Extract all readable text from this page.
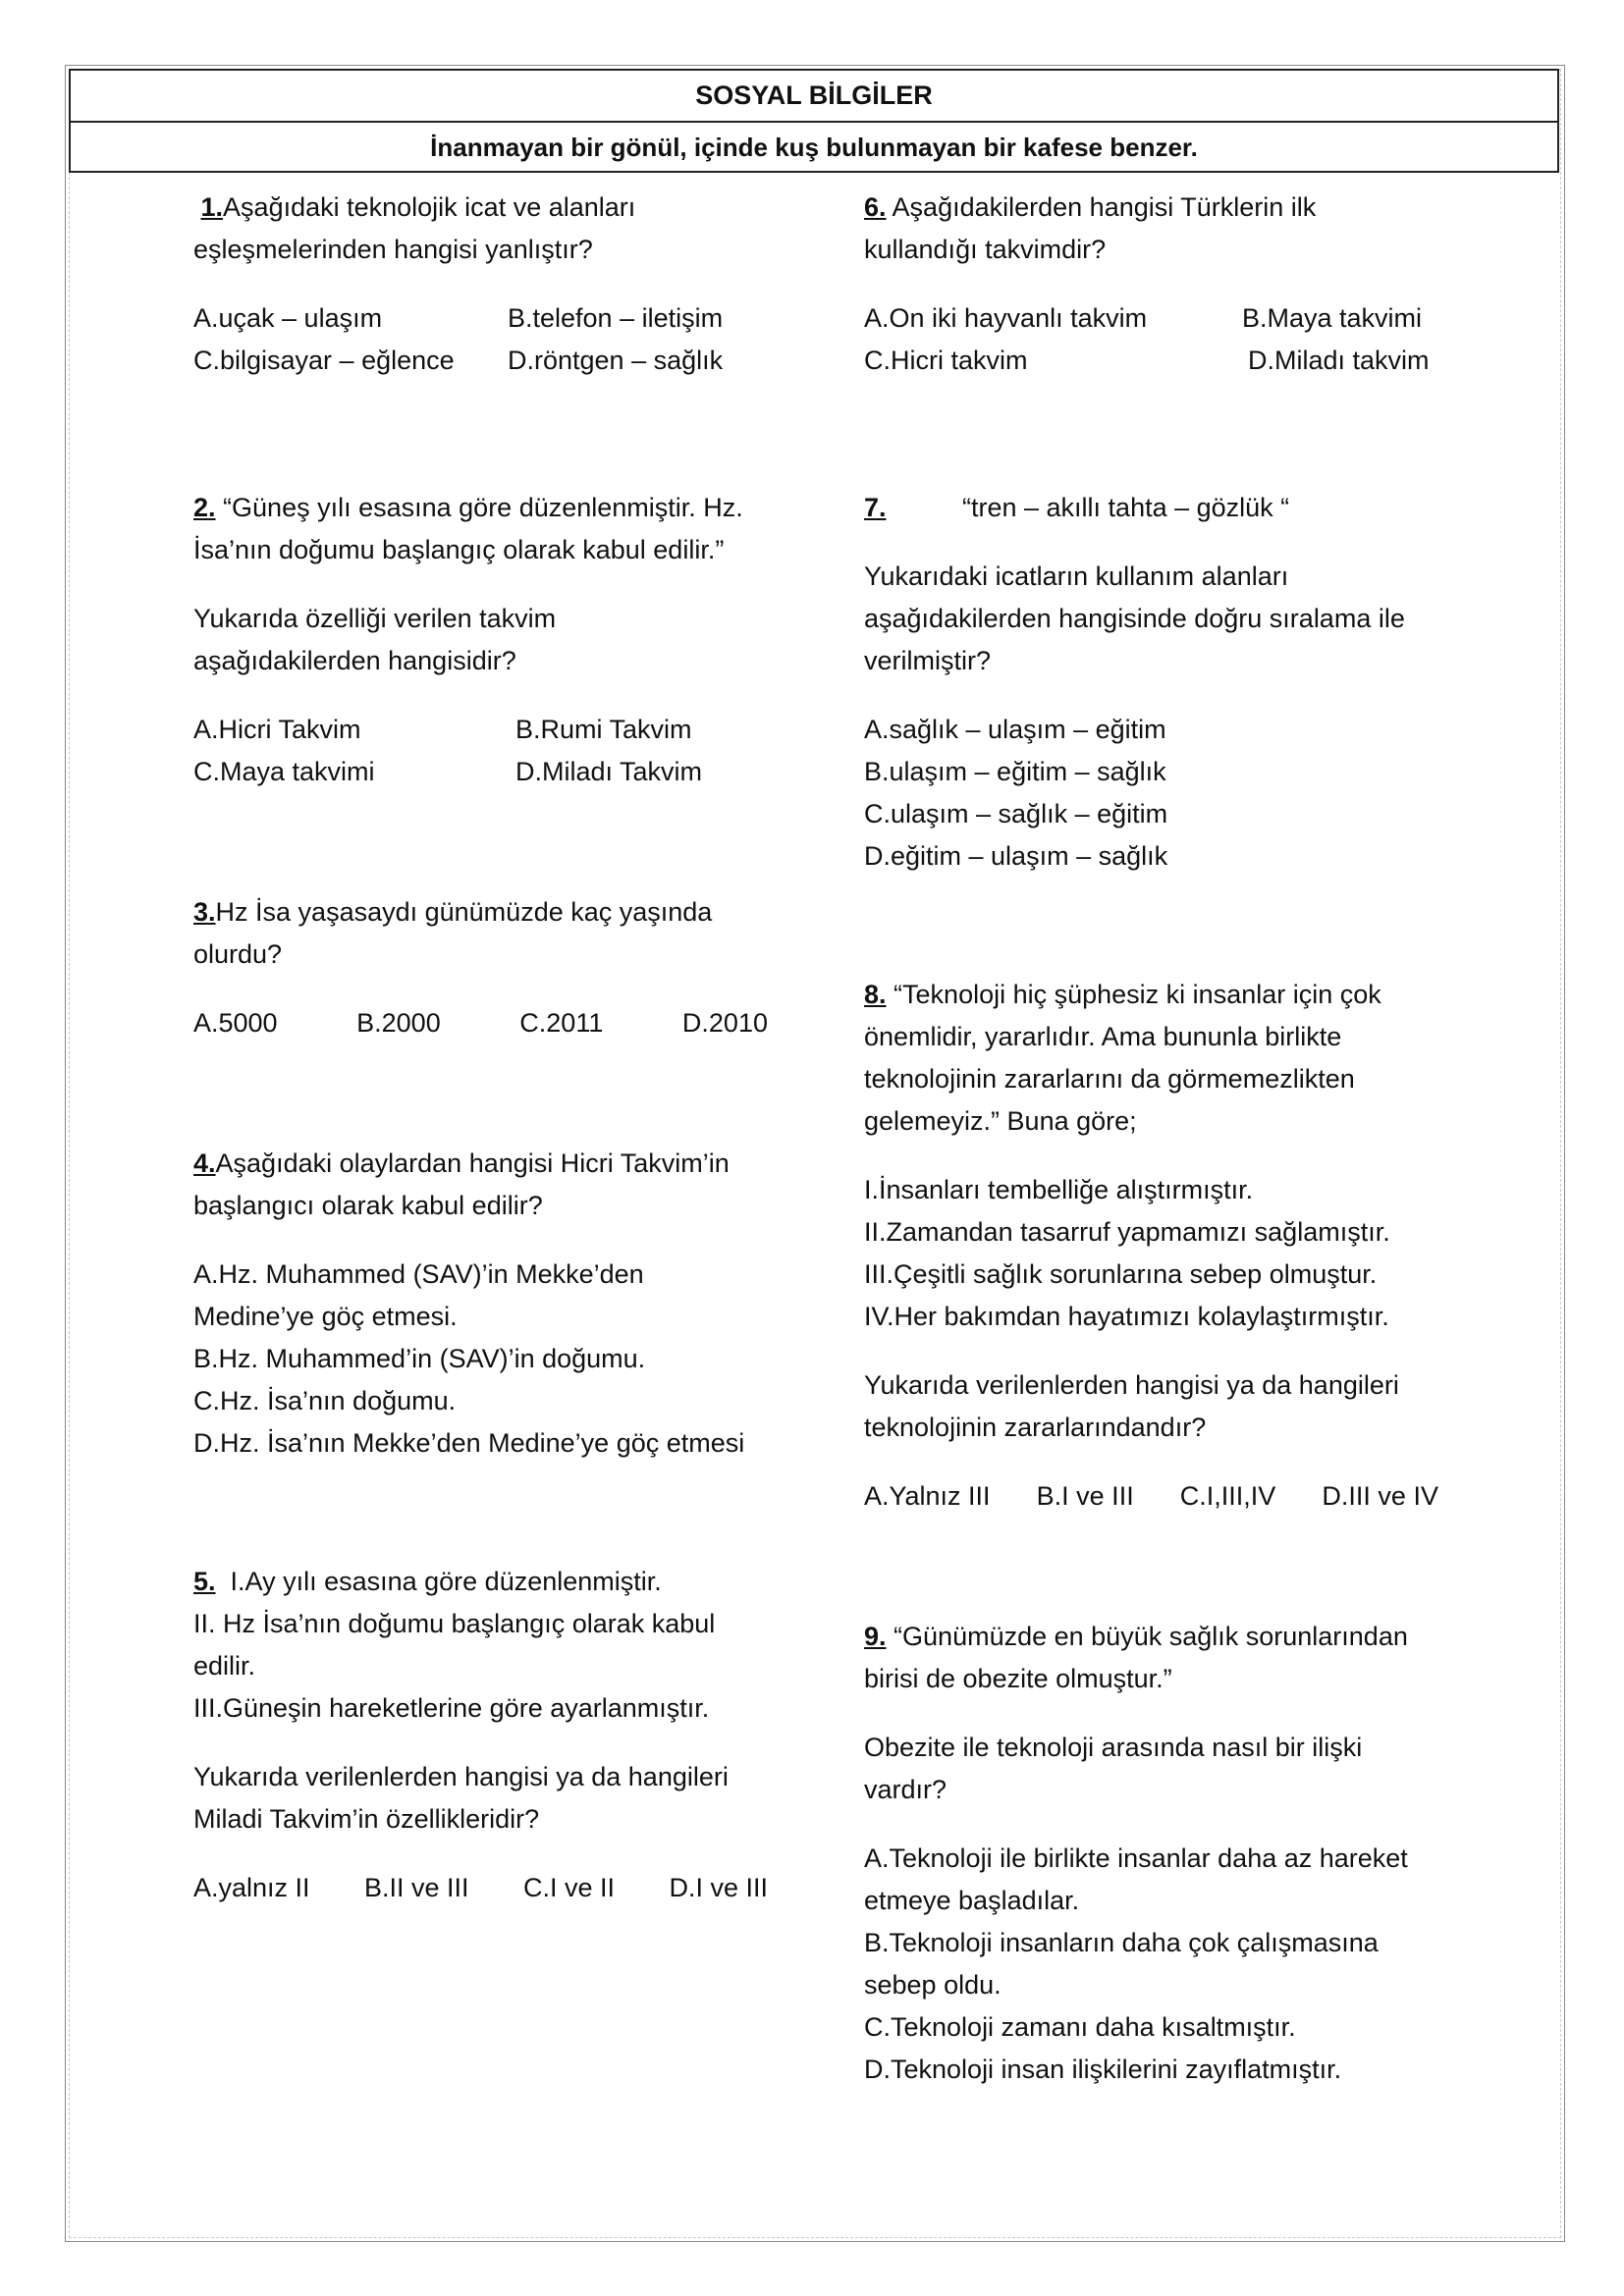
SOSYAL BİLGİLER
İnanmayan bir gönül, içinde kuş bulunmayan bir kafese benzer.

1.Aşağıdaki teknolojik icat ve alanları

eşleşmelerinden hangisi yanlıştır?

A.uçak – ulaşım	B.telefon – iletişim
C.bilgisayar – eğlence	D.röntgen – sağlık

2. “Güneş yılı esasına göre düzenlenmiştir. Hz.

İsa’nın doğumu başlangıç olarak kabul edilir.”

Yukarıda özelliği verilen takvim

aşağıdakilerden hangisidir?

A.Hicri Takvim	B.Rumi Takvim
C.Maya takvimi	D.Miladı Takvim

3.Hz İsa yaşasaydı günümüzde kaç yaşında

olurdu?

A.5000	B.2000	C.2011	D.2010

4.Aşağıdaki olaylardan hangisi Hicri Takvim’in

başlangıcı olarak kabul edilir?

A.Hz. Muhammed (SAV)’in Mekke’den

Medine’ye göç etmesi.

B.Hz. Muhammed’in (SAV)’in doğumu.

C.Hz. İsa’nın doğumu.

D.Hz. İsa’nın Mekke’den Medine’ye göç etmesi

5. I.Ay yılı esasına göre düzenlenmiştir.

II. Hz İsa’nın doğumu başlangıç olarak kabul

edilir.

III.Güneşin hareketlerine göre ayarlanmıştır.

Yukarıda verilenlerden hangisi ya da hangileri

Miladi Takvim’in özellikleridir?

A.yalnız II B.II ve III C.I ve II D.I ve III

6. Aşağıdakilerden hangisi Türklerin ilk

kullandığı takvimdir?

A.On iki hayvanlı takvim	B.Maya takvimi
C.Hicri takvim	D.Miladı takvim

7.	“tren – akıllı tahta – gözlük “

Yukarıdaki icatların kullanım alanları

aşağıdakilerden hangisinde doğru sıralama ile

verilmiştir?

A.sağlık – ulaşım – eğitim

B.ulaşım – eğitim – sağlık

C.ulaşım – sağlık – eğitim

D.eğitim – ulaşım – sağlık

8. “Teknoloji hiç şüphesiz ki insanlar için çok

önemlidir, yararlıdır. Ama bununla birlikte

teknolojinin zararlarını da görmemezlikten

gelemeyiz.” Buna göre;

I.İnsanları tembelliğe alıştırmıştır.

II.Zamandan tasarruf yapmamızı sağlamıştır.

III.Çeşitli sağlık sorunlarına sebep olmuştur.

IV.Her bakımdan hayatımızı kolaylaştırmıştır.

Yukarıda verilenlerden hangisi ya da hangileri

teknolojinin zararlarındandır?

A.Yalnız III B.I ve III C.I,III,IV D.III ve IV

9. “Günümüzde en büyük sağlık sorunlarından

birisi de obezite olmuştur.”

Obezite ile teknoloji arasında nasıl bir ilişki

vardır?

A.Teknoloji ile birlikte insanlar daha az hareket

etmeye başladılar.

B.Teknoloji insanların daha çok çalışmasına

sebep oldu.

C.Teknoloji zamanı daha kısaltmıştır.

D.Teknoloji insan ilişkilerini zayıflatmıştır.
